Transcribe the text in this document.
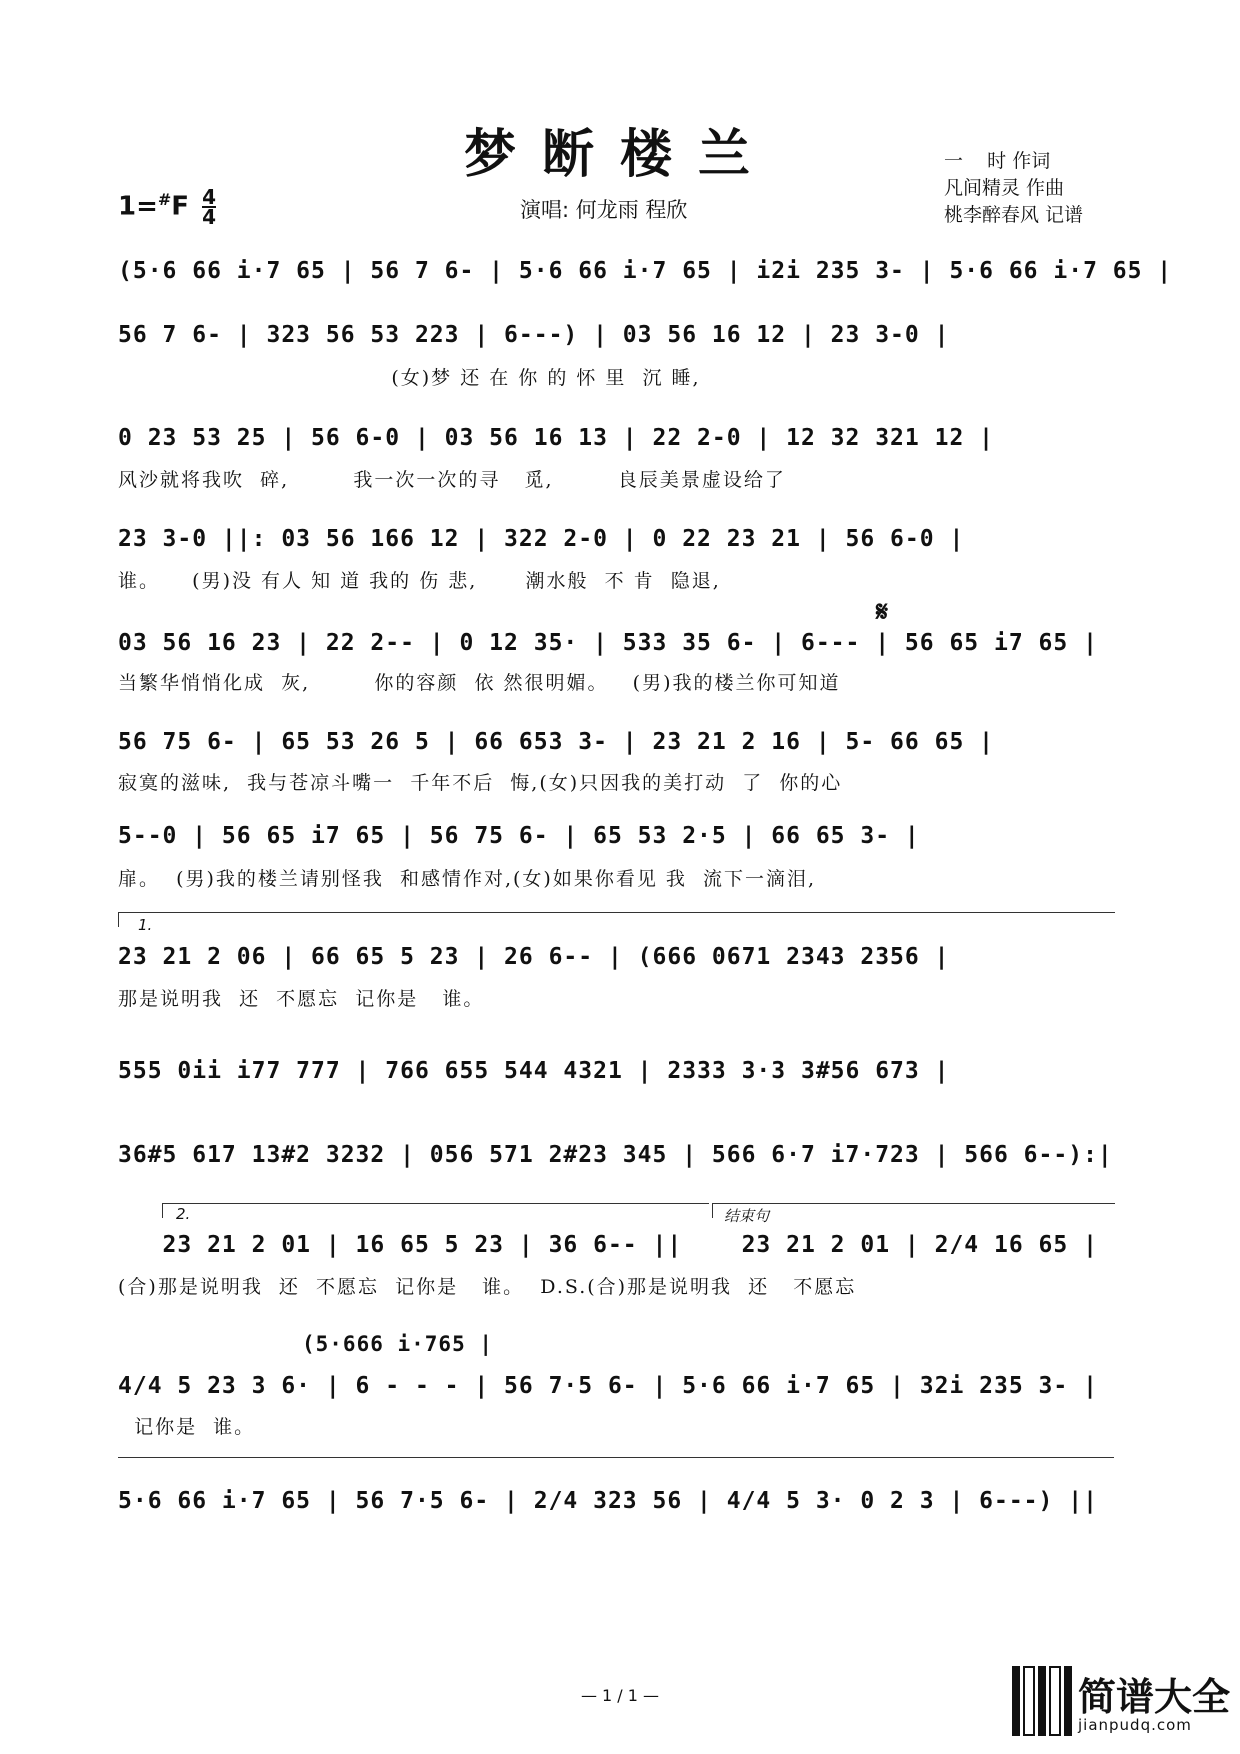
梦断楼兰
$1=^{\#}F \frac{4}{4}$	演唱: 何龙雨 程欣
一    时 作词
凡间精灵 作曲
桃李醉春风 记谱
(5·6 66 i·7 65 | 56 7 6- | 5·6 66 i·7 65 | i2i 235 3- | 5·6 66 i·7 65 |
56 7 6- | 323 56 53 223 | 6---) | 03 56 16 12 | 23 3-0 |
(女)梦 还 在 你 的 怀 里  沉 睡,
0 23 53 25 | 56 6-0 | 03 56 16 13 | 22 2-0 | 12 32 321 12 |
风沙就将我吹  碎,        我一次一次的寻   觅,        良辰美景虚设给了
23 3-0 ||: 03 56 166 12 | 322 2-0 | 0 22 23 21 | 56 6-0 |
谁。    (男)没 有人 知 道 我的 伤 悲,      潮水般  不 肯  隐退,
𝄋
03 56 16 23 | 22 2-- | 0 12 35· | 533 35 6- | 6--- | 56 65 i7 65 |
当繁华悄悄化成  灰,        你的容颜  依 然很明媚。   (男)我的楼兰你可知道
56 75 6- | 65 53 26 5 | 66 653 3- | 23 21 2 16 | 5- 66 65 |
寂寞的滋味,  我与苍凉斗嘴一  千年不后  悔,(女)只因我的美打动  了  你的心
5--0 | 56 65 i7 65 | 56 75 6- | 65 53 2·5 | 66 65 3- |
扉。  (男)我的楼兰请别怪我  和感情作对,(女)如果你看见 我  流下一滴泪,
1.
23 21 2 06 | 66 65 5 23 | 26 6-- | (666 0671 2343 2356 |
那是说明我  还  不愿忘  记你是   谁。
555 0ii i77 777 | 766 655 544 4321 | 2333 3·3 3#56 673 |
36#5 617 13#2 3232 | 056 571 2#23 345 | 566 6·7 i7·723 | 566 6--):|
2.	结束句
23 21 2 01 | 16 65 5 23 | 36 6-- ||    23 21 2 01 | 2/4 16 65 |
(合)那是说明我  还  不愿忘  记你是   谁。  D.S.(合)那是说明我  还   不愿忘
(5·666 i·765 |
4/4 5 23 3 6· | 6 - - - | 56 7·5 6- | 5·6 66 i·7 65 | 32i 235 3- |
记你是  谁。
5·6 66 i·7 65 | 56 7·5 6- | 2/4 323 56 | 4/4 5 3· 0 2 3 | 6---) ||
— 1 / 1 —	简谱大全
jianpudq.com
